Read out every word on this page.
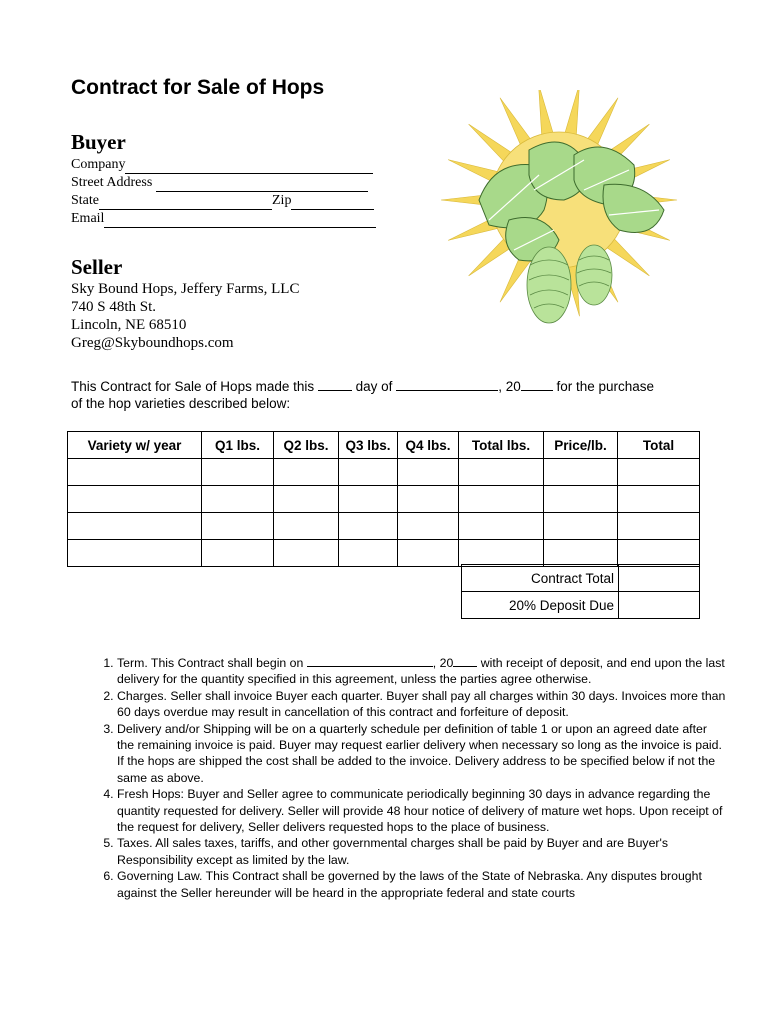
Contract for Sale of Hops
Buyer
Company
Street Address
State	Zip
Email
Seller
Sky Bound Hops, Jeffery Farms, LLC
740 S 48th St.
Lincoln, NE 68510
Greg@Skyboundhops.com
This Contract for Sale of Hops made this	day of	, 20	for the purchase
of the hop varieties described below:
Variety w/ year	Q1 lbs.	Q2 lbs.	Q3 lbs.	Q4 lbs.	Total lbs.	Price/lb.	Total

Contract Total	
20% Deposit Due	
1. Term. This Contract shall begin on	, 20 with receipt of deposit, and end upon the last delivery for the quantity specified in this agreement, unless the parties agree otherwise.
2. Charges. Seller shall invoice Buyer each quarter. Buyer shall pay all charges within 30 days. Invoices more than 60 days overdue may result in cancellation of this contract and forfeiture of deposit.
3. Delivery and/or Shipping will be on a quarterly schedule per definition of table 1 or upon an agreed date after the remaining invoice is paid. Buyer may request earlier delivery when necessary so long as the invoice is paid. If the hops are shipped the cost shall be added to the invoice. Delivery address to be specified below if not the same as above.
4. Fresh Hops: Buyer and Seller agree to communicate periodically beginning 30 days in advance regarding the quantity requested for delivery. Seller will provide 48 hour notice of delivery of mature wet hops. Upon receipt of the request for delivery, Seller delivers requested hops to the place of business.
5. Taxes. All sales taxes, tariffs, and other governmental charges shall be paid by Buyer and are Buyer's Responsibility except as limited by the law.
6. Governing Law. This Contract shall be governed by the laws of the State of Nebraska. Any disputes brought against the Seller hereunder will be heard in the appropriate federal and state courts
